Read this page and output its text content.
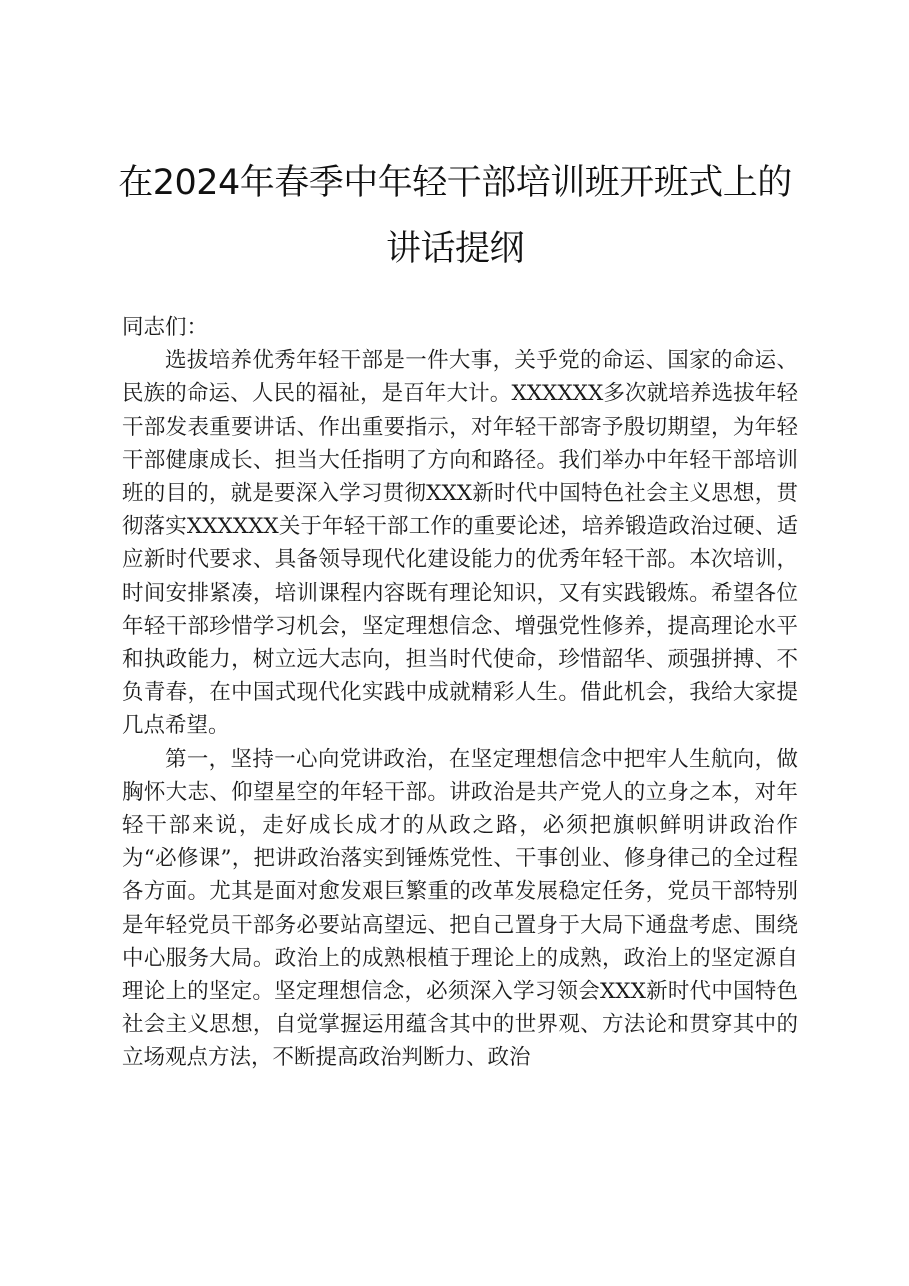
在2024年春季中年轻干部培训班开班式上的讲话提纲

同志们：

选拔培养优秀年轻干部是一件大事，关乎党的命运、国家的命运、民族的命运、人民的福祉，是百年大计。XXXXXX多次就培养选拔年轻干部发表重要讲话、作出重要指示，对年轻干部寄予殷切期望，为年轻干部健康成长、担当大任指明了方向和路径。我们举办中年轻干部培训班的目的，就是要深入学习贯彻XXX新时代中国特色社会主义思想，贯彻落实XXXXXX关于年轻干部工作的重要论述，培养锻造政治过硬、适应新时代要求、具备领导现代化建设能力的优秀年轻干部。本次培训，时间安排紧凑，培训课程内容既有理论知识，又有实践锻炼。希望各位年轻干部珍惜学习机会，坚定理想信念、增强党性修养，提高理论水平和执政能力，树立远大志向，担当时代使命，珍惜韶华、顽强拼搏、不负青春，在中国式现代化实践中成就精彩人生。借此机会，我给大家提几点希望。

第一，坚持一心向党讲政治，在坚定理想信念中把牢人生航向，做胸怀大志、仰望星空的年轻干部。讲政治是共产党人的立身之本，对年轻干部来说，走好成长成才的从政之路，必须把旗帜鲜明讲政治作为“必修课”，把讲政治落实到锤炼党性、干事创业、修身律己的全过程各方面。尤其是面对愈发艰巨繁重的改革发展稳定任务，党员干部特别是年轻党员干部务必要站高望远、把自己置身于大局下通盘考虑、围绕中心服务大局。政治上的成熟根植于理论上的成熟，政治上的坚定源自理论上的坚定。坚定理想信念，必须深入学习领会XXX新时代中国特色社会主义思想，自觉掌握运用蕴含其中的世界观、方法论和贯穿其中的立场观点方法，不断提高政治判断力、政治
